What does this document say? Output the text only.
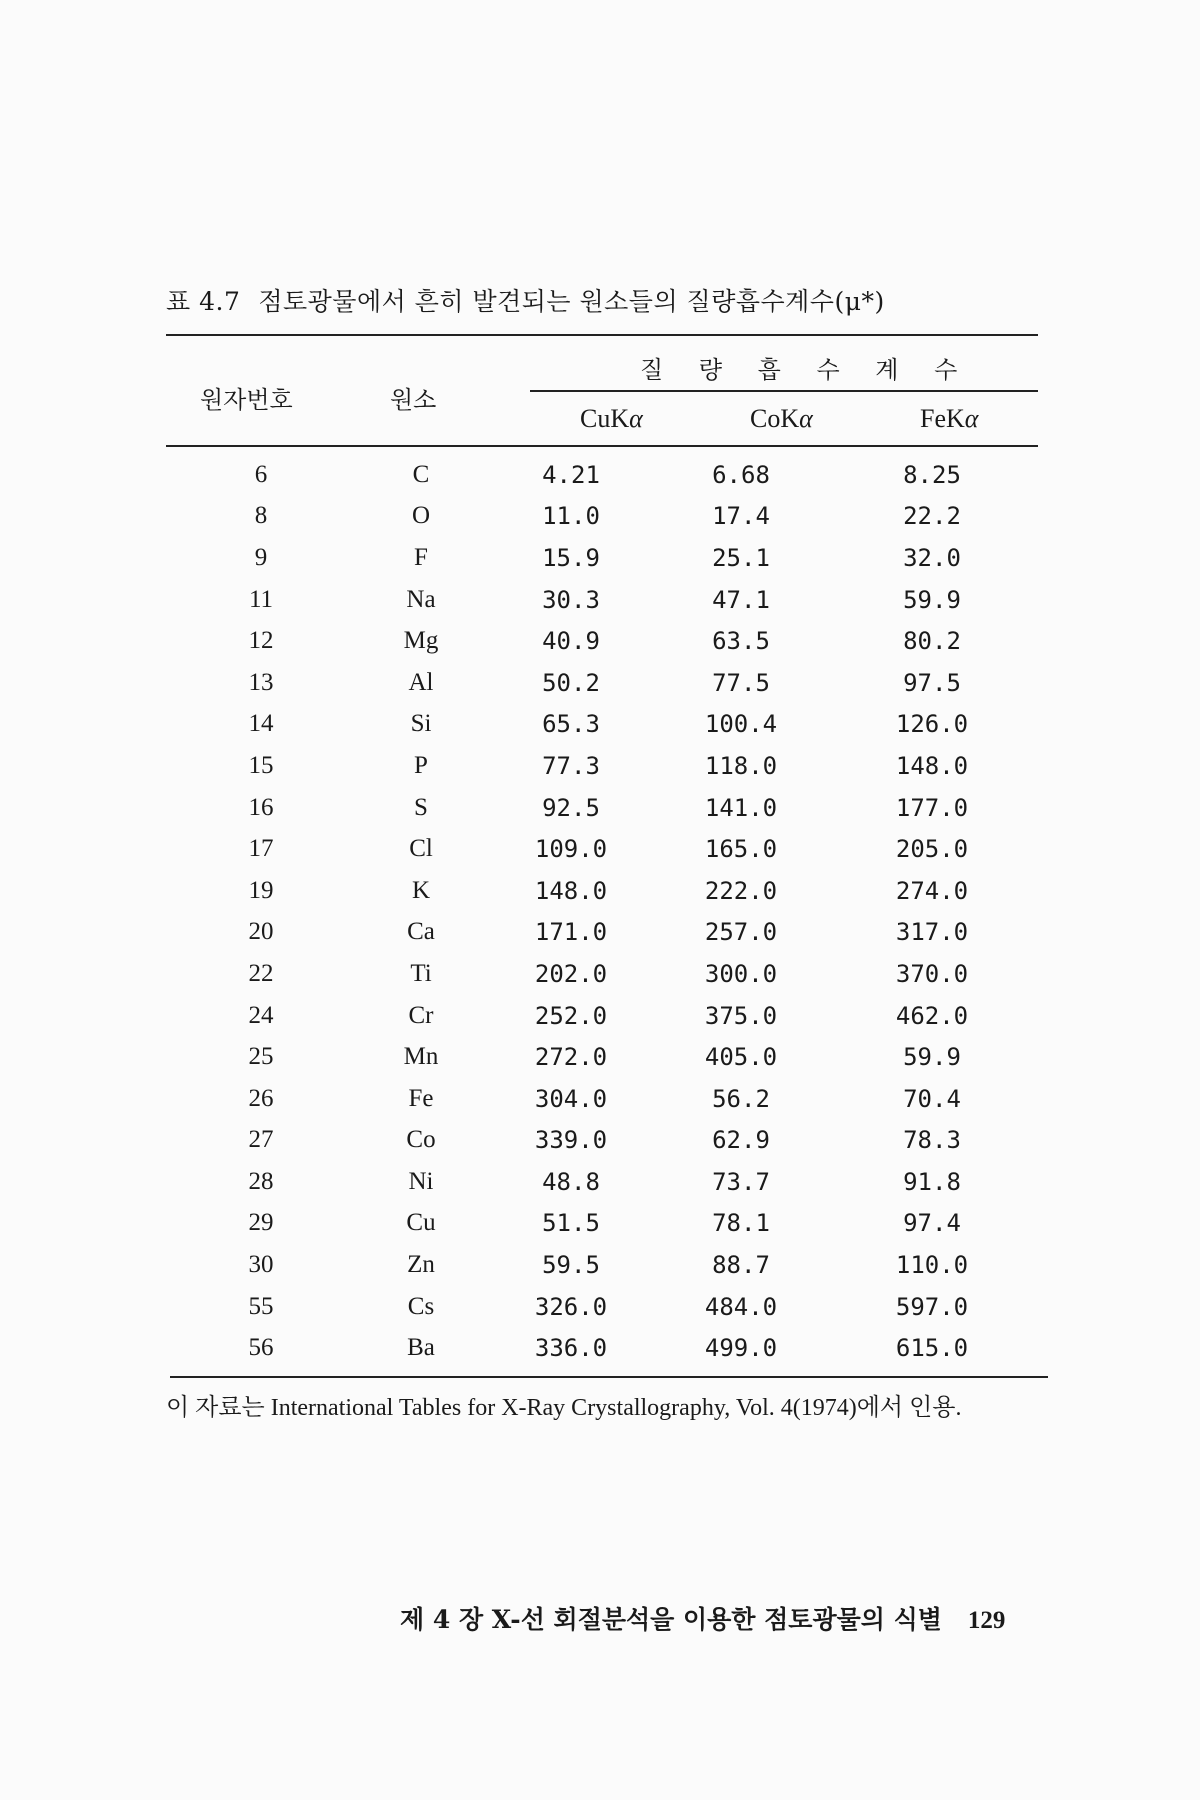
표 4.7 점토광물에서 흔히 발견되는 원소들의 질량흡수계수(μ*)
원자번호	원소
질 량 흡 수 계 수
CuKα	CoKα	FeKα
6	C	4.21	6.68	8.25
8	O	11.0	17.4	22.2
9	F	15.9	25.1	32.0
11	Na	30.3	47.1	59.9
12	Mg	40.9	63.5	80.2
13	Al	50.2	77.5	97.5
14	Si	65.3	100.4	126.0
15	P	77.3	118.0	148.0
16	S	92.5	141.0	177.0
17	Cl	109.0	165.0	205.0
19	K	148.0	222.0	274.0
20	Ca	171.0	257.0	317.0
22	Ti	202.0	300.0	370.0
24	Cr	252.0	375.0	462.0
25	Mn	272.0	405.0	59.9
26	Fe	304.0	56.2	70.4
27	Co	339.0	62.9	78.3
28	Ni	48.8	73.7	91.8
29	Cu	51.5	78.1	97.4
30	Zn	59.5	88.7	110.0
55	Cs	326.0	484.0	597.0
56	Ba	336.0	499.0	615.0
이 자료는 International Tables for X-Ray Crystallography, Vol. 4(1974)에서 인용.
제 4 장 X-선 회절분석을 이용한 점토광물의 식별 129
